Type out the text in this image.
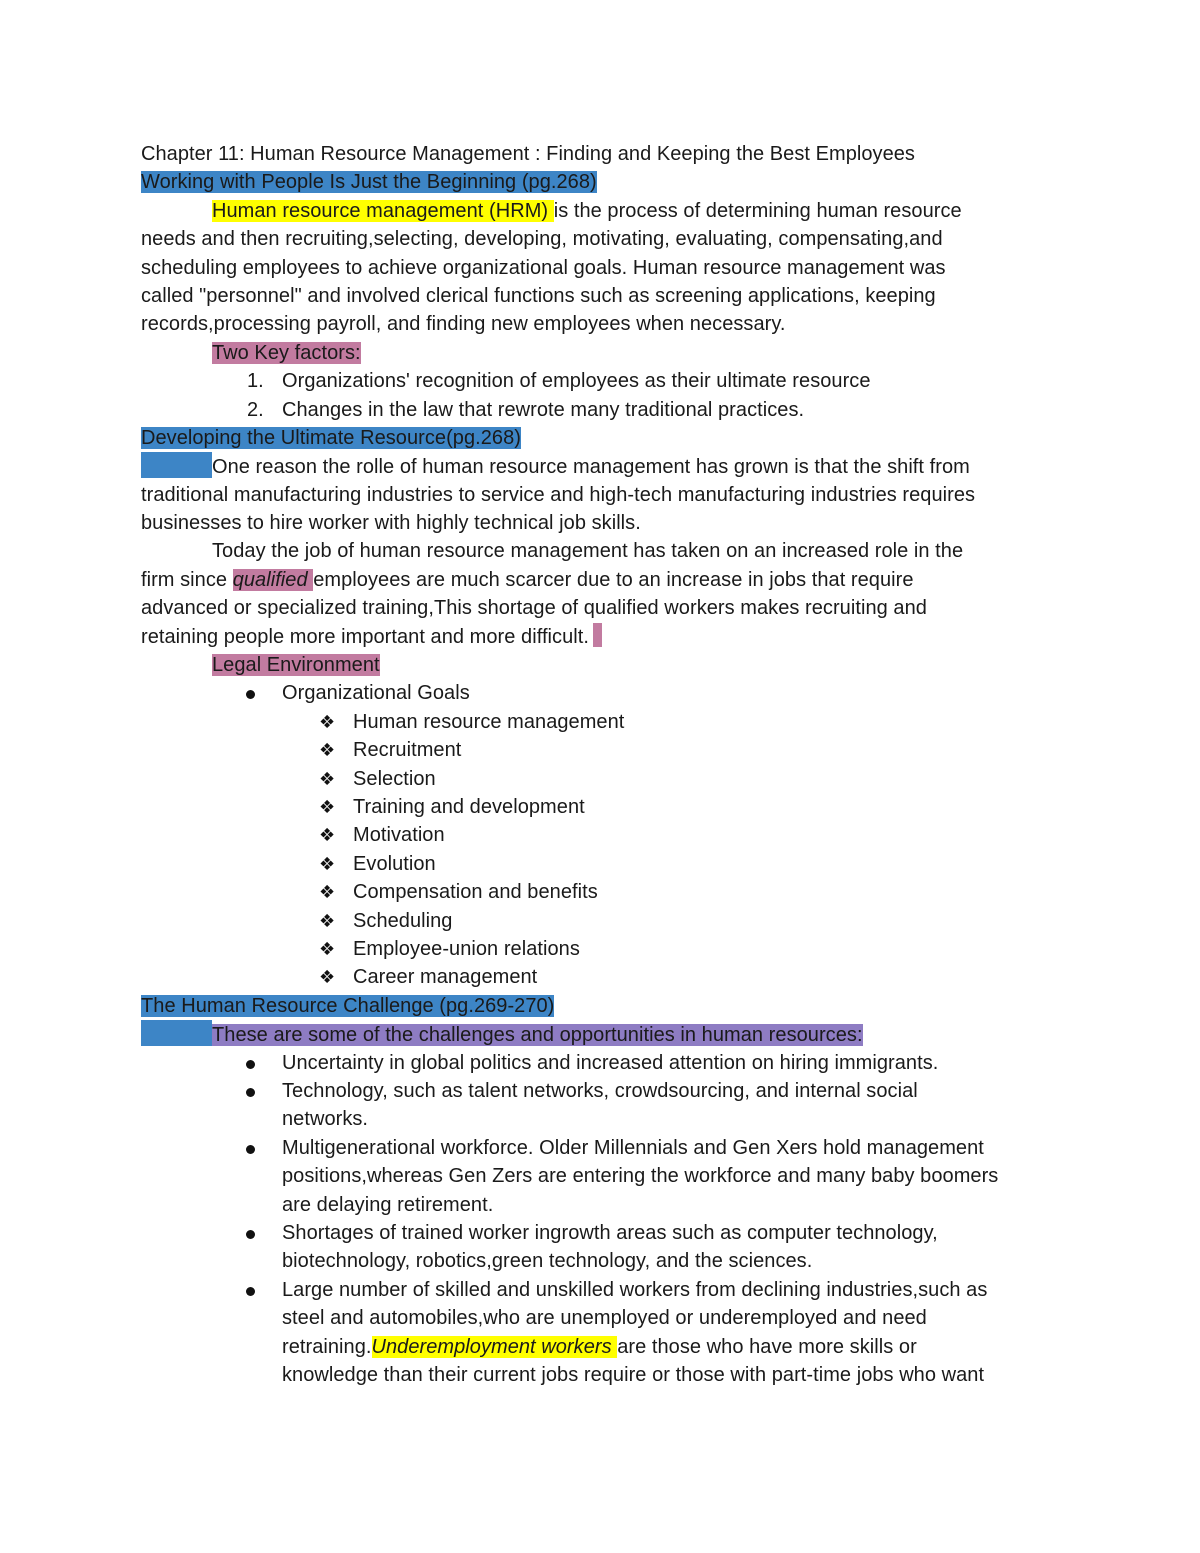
Chapter 11: Human Resource Management : Finding and Keeping the Best Employees
Working with People Is Just the Beginning (pg.268)
Human resource management (HRM) is the process of determining human resource
needs and then recruiting,selecting, developing, motivating, evaluating, compensating,and
scheduling employees to achieve organizational goals. Human resource management was
called "personnel" and involved clerical functions such as screening applications, keeping
records,processing payroll, and finding new employees when necessary.
Two Key factors:
1. Organizations' recognition of employees as their ultimate resource
2. Changes in the law that rewrote many traditional practices.
Developing the Ultimate Resource(pg.268)
One reason the rolle of human resource management has grown is that the shift from
traditional manufacturing industries to service and high-tech manufacturing industries requires
businesses to hire worker with highly technical job skills.
Today the job of human resource management has taken on an increased role in the
firm since qualified employees are much scarcer due to an increase in jobs that require
advanced or specialized training,This shortage of qualified workers makes recruiting and
retaining people more important and more difficult.
Legal Environment
Organizational Goals
❖ Human resource management
❖ Recruitment
❖ Selection
❖ Training and development
❖ Motivation
❖ Evolution
❖ Compensation and benefits
❖ Scheduling
❖ Employee-union relations
❖ Career management
The Human Resource Challenge (pg.269-270)
These are some of the challenges and opportunities in human resources:
Uncertainty in global politics and increased attention on hiring immigrants.
Technology, such as talent networks, crowdsourcing, and internal social
networks.
Multigenerational workforce. Older Millennials and Gen Xers hold management
positions,whereas Gen Zers are entering the workforce and many baby boomers
are delaying retirement.
Shortages of trained worker ingrowth areas such as computer technology,
biotechnology, robotics,green technology, and the sciences.
Large number of skilled and unskilled workers from declining industries,such as
steel and automobiles,who are unemployed or underemployed and need
retraining.Underemployment workers are those who have more skills or
knowledge than their current jobs require or those with part-time jobs who want
